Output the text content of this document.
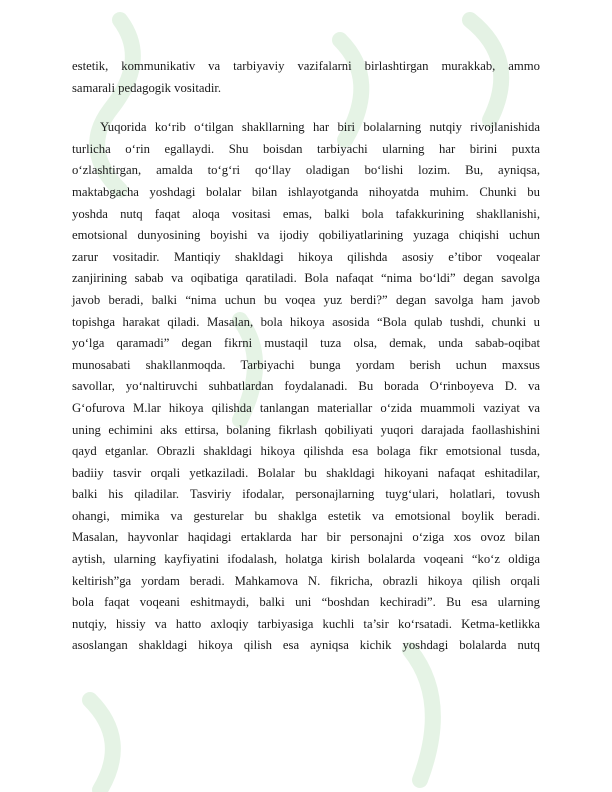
estetik, kommunikativ va tarbiyaviy vazifalarni birlashtirgan murakkab, ammo
samarali pedagogik vositadir.
Yuqorida ko‘rib o‘tilgan shakllarning har biri bolalarning nutqiy rivojlanishida
turlicha o‘rin egallaydi. Shu boisdan tarbiyachi ularning har birini puxta
o‘zlashtirgan, amalda to‘g‘ri qo‘llay oladigan bo‘lishi lozim. Bu, ayniqsa,
maktabgacha yoshdagi bolalar bilan ishlayotganda nihoyatda muhim. Chunki bu
yoshda nutq faqat aloqa vositasi emas, balki bola tafakkurining shakllanishi,
emotsional dunyosining boyishi va ijodiy qobiliyatlarining yuzaga chiqishi uchun
zarur vositadir. Mantiqiy shakldagi hikoya qilishda asosiy e’tibor voqealar
zanjirining sabab va oqibatiga qaratiladi. Bola nafaqat “nima bo‘ldi” degan savolga
javob beradi, balki “nima uchun bu voqea yuz berdi?” degan savolga ham javob
topishga harakat qiladi. Masalan, bola hikoya asosida “Bola qulab tushdi, chunki u
yo‘lga qaramadi” degan fikrni mustaqil tuza olsa, demak, unda sabab-oqibat
munosabati shakllanmoqda. Tarbiyachi bunga yordam berish uchun maxsus
savollar, yo‘naltiruvchi suhbatlardan foydalanadi. Bu borada O‘rinboyeva D. va
G‘ofurova M.lar hikoya qilishda tanlangan materiallar o‘zida muammoli vaziyat va
uning echimini aks ettirsa, bolaning fikrlash qobiliyati yuqori darajada faollashishini
qayd etganlar. Obrazli shakldagi hikoya qilishda esa bolaga fikr emotsional tusda,
badiiy tasvir orqali yetkaziladi. Bolalar bu shakldagi hikoyani nafaqat eshitadilar,
balki his qiladilar. Tasviriy ifodalar, personajlarning tuyg‘ulari, holatlari, tovush
ohangi, mimika va gesturelar bu shaklga estetik va emotsional boylik beradi.
Masalan, hayvonlar haqidagi ertaklarda har bir personajni o‘ziga xos ovoz bilan
aytish, ularning kayfiyatini ifodalash, holatga kirish bolalarda voqeani “ko‘z oldiga
keltirish”ga yordam beradi. Mahkamova N. fikricha, obrazli hikoya qilish orqali
bola faqat voqeani eshitmaydi, balki uni “boshdan kechiradi”. Bu esa ularning
nutqiy, hissiy va hatto axloqiy tarbiyasiga kuchli ta’sir ko‘rsatadi. Ketma-ketlikka
asoslangan shakldagi hikoya qilish esa ayniqsa kichik yoshdagi bolalarda nutq
